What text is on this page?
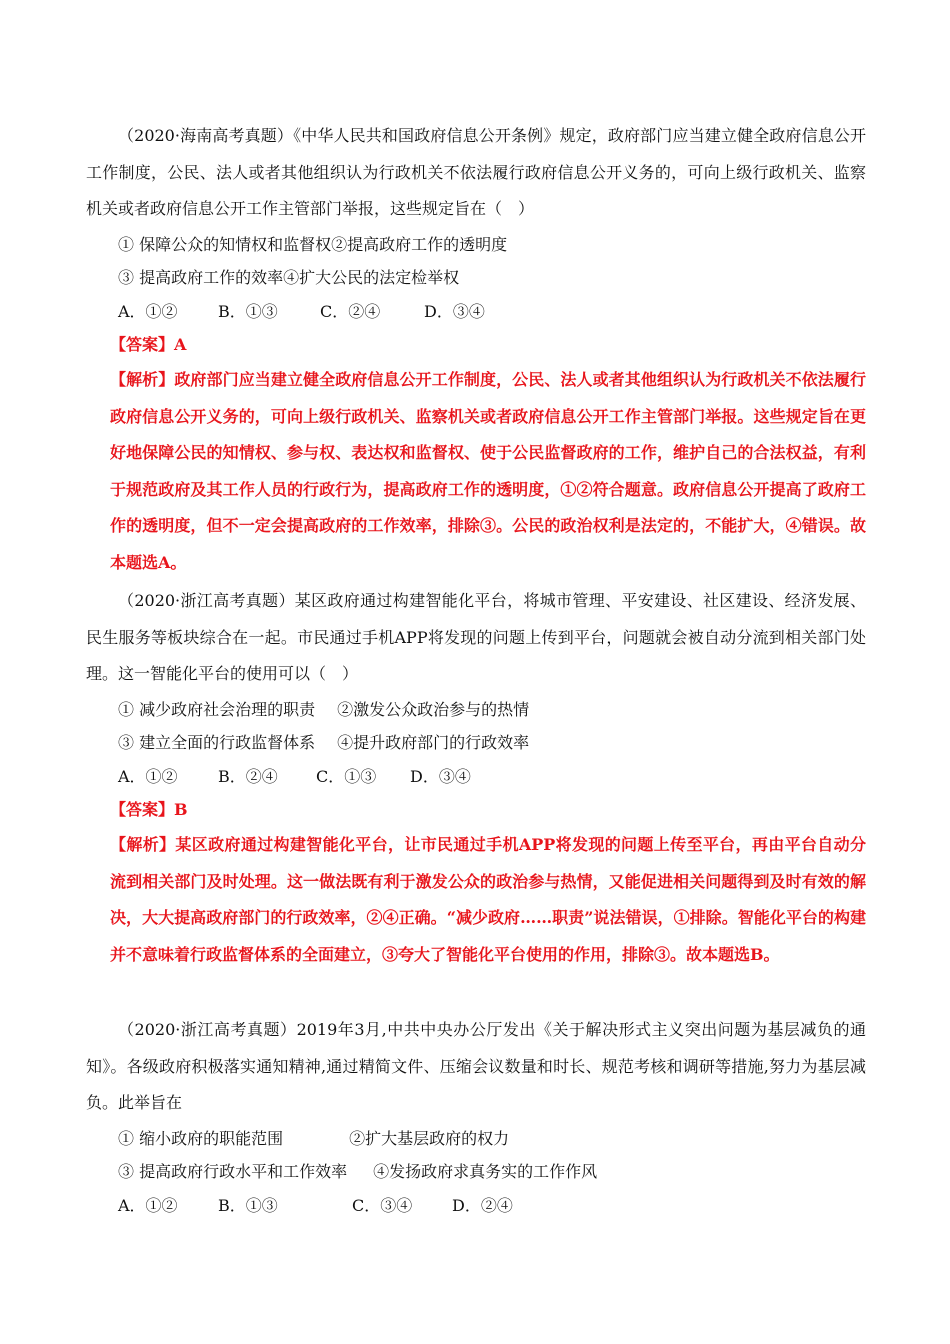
（2020·海南高考真题）《中华人民共和国政府信息公开条例》规定，政府部门应当建立健全政府信息公开工作制度，公民、法人或者其他组织认为行政机关不依法履行政府信息公开义务的，可向上级行政机关、监察机关或者政府信息公开工作主管部门举报，这些规定旨在（　）

① 保障公众的知情权和监督权②提高政府工作的透明度

③ 提高政府工作的效率④扩大公民的法定检举权

A．①②	B．①③	C．②④	D．③④

【答案】A

【解析】政府部门应当建立健全政府信息公开工作制度，公民、法人或者其他组织认为行政机关不依法履行政府信息公开义务的，可向上级行政机关、监察机关或者政府信息公开工作主管部门举报。这些规定旨在更好地保障公民的知情权、参与权、表达权和监督权、使于公民监督政府的工作，维护自己的合法权益，有利于规范政府及其工作人员的行政行为，提高政府工作的透明度，①②符合题意。政府信息公开提高了政府工作的透明度，但不一定会提高政府的工作效率，排除③。公民的政治权利是法定的，不能扩大，④错误。故本题选A。

（2020·浙江高考真题）某区政府通过构建智能化平台，将城市管理、平安建设、社区建设、经济发展、民生服务等板块综合在一起。市民通过手机APP将发现的问题上传到平台，问题就会被自动分流到相关部门处理。这一智能化平台的使用可以（　）

① 减少政府社会治理的职责 ②激发公众政治参与的热情

③ 建立全面的行政监督体系 ④提升政府部门的行政效率

A．①②	B．②④ C．①③ D．③④

【答案】B

【解析】某区政府通过构建智能化平台，让市民通过手机APP将发现的问题上传至平台，再由平台自动分流到相关部门及时处理。这一做法既有利于激发公众的政治参与热情，又能促进相关问题得到及时有效的解决，大大提高政府部门的行政效率，②④正确。“减少政府……职责”说法错误，①排除。智能化平台的构建并不意味着行政监督体系的全面建立，③夸大了智能化平台使用的作用，排除③。故本题选B。

（2020·浙江高考真题）2019年3月,中共中央办公厅发出《关于解决形式主义突出问题为基层减负的通知》。各级政府积极落实通知精神,通过精简文件、压缩会议数量和时长、规范考核和调研等措施,努力为基层减负。此举旨在

① 缩小政府的职能范围	②扩大基层政府的权力

③ 提高政府行政水平和工作效率 ④发扬政府求真务实的工作作风

A．①②	B．①③	C．③④ D．②④
